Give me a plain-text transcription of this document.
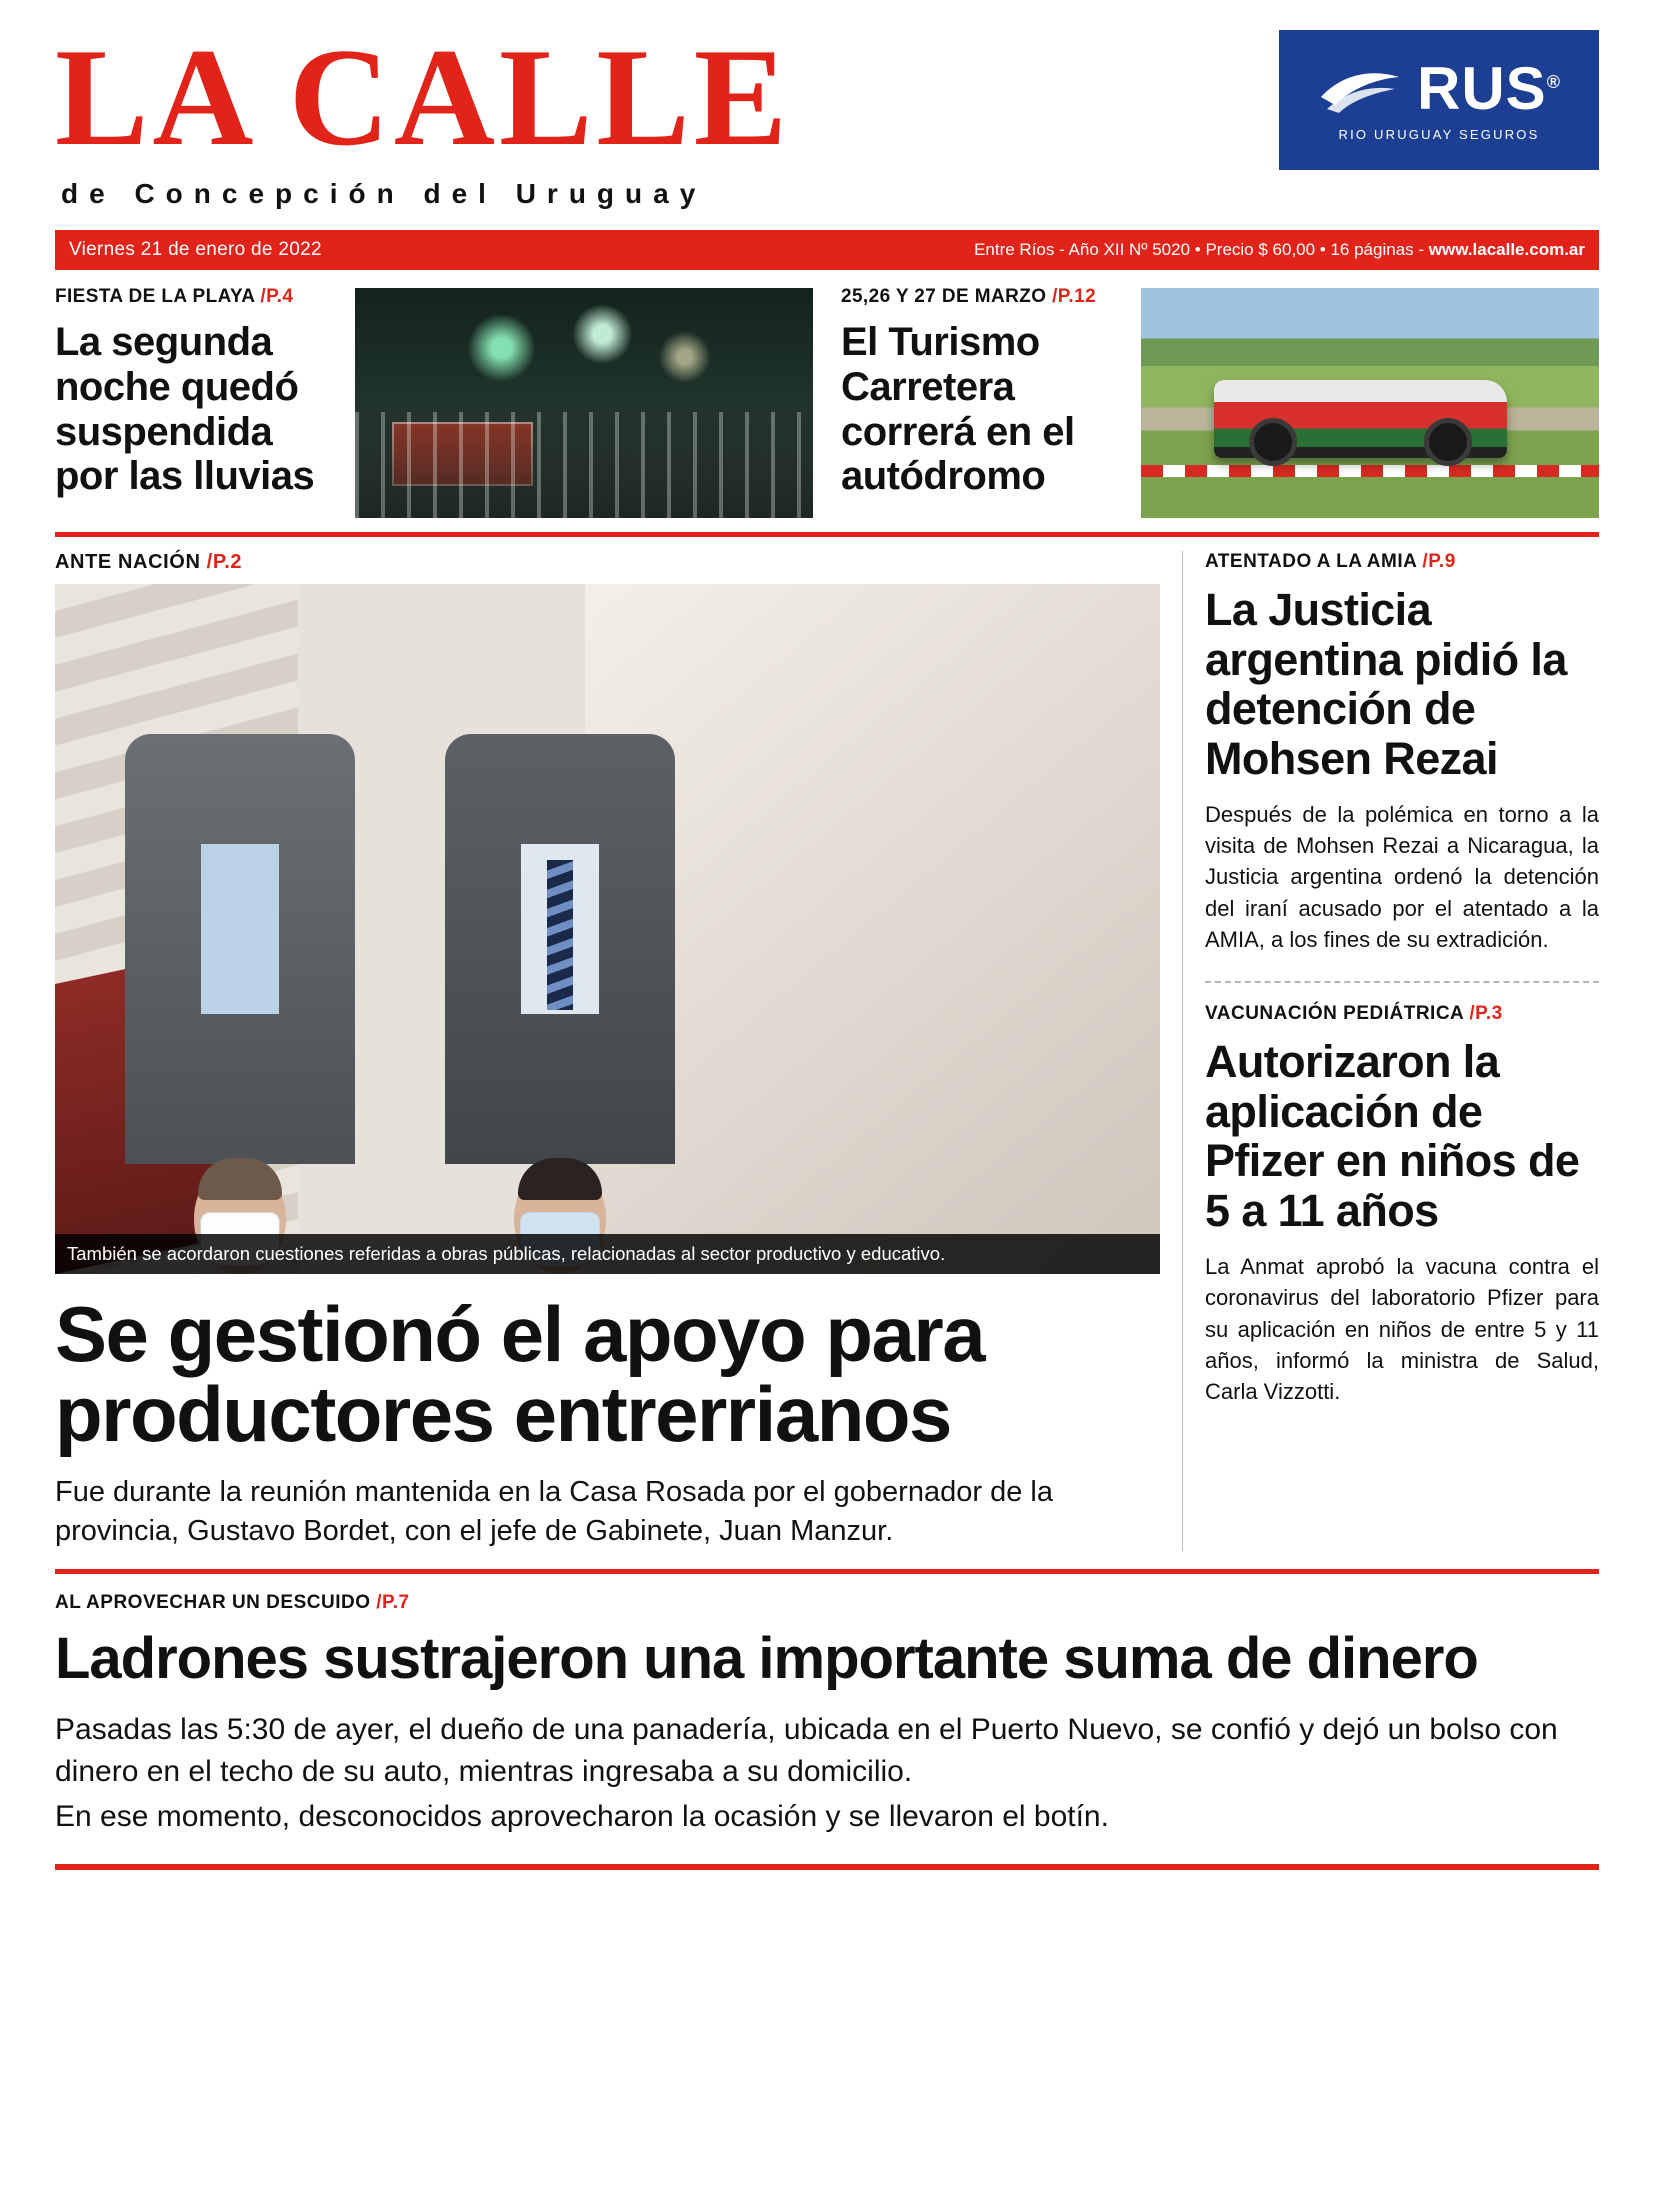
LA CALLE
de Concepción del Uruguay
RUS®
RIO URUGUAY SEGUROS
Viernes 21 de enero de 2022	Entre Ríos - Año XII Nº 5020 • Precio $ 60,00 • 16 páginas - www.lacalle.com.ar
FIESTA DE LA PLAYA /P.4
La segunda noche quedó suspendida por las lluvias
25,26 Y 27 DE MARZO /P.12
El Turismo Carretera correrá en el autódromo
ANTE NACIÓN /P.2
También se acordaron cuestiones referidas a obras públicas, relacionadas al sector productivo y educativo.
Se gestionó el apoyo para productores entrerrianos
Fue durante la reunión mantenida en la Casa Rosada por el gobernador de la provincia, Gustavo Bordet, con el jefe de Gabinete, Juan Manzur.
ATENTADO A LA AMIA /P.9
La Justicia argentina pidió la detención de Mohsen Rezai
Después de la polémica en torno a la visita de Mohsen Rezai a Nicaragua, la Justicia argentina ordenó la detención del iraní acusado por el atentado a la AMIA, a los fines de su extradición.
VACUNACIÓN PEDIÁTRICA /P.3
Autorizaron la aplicación de Pfizer en niños de 5 a 11 años
La Anmat aprobó la vacuna contra el coronavirus del laboratorio Pfizer para su aplicación en niños de entre 5 y 11 años, informó la ministra de Salud, Carla Vizzotti.
AL APROVECHAR UN DESCUIDO /P.7
Ladrones sustrajeron una importante suma de dinero
Pasadas las 5:30 de ayer, el dueño de una panadería, ubicada en el Puerto Nuevo, se confió y dejó un bolso con dinero en el techo de su auto, mientras ingresaba a su domicilio.
En ese momento, desconocidos aprovecharon la ocasión y se llevaron el botín.
